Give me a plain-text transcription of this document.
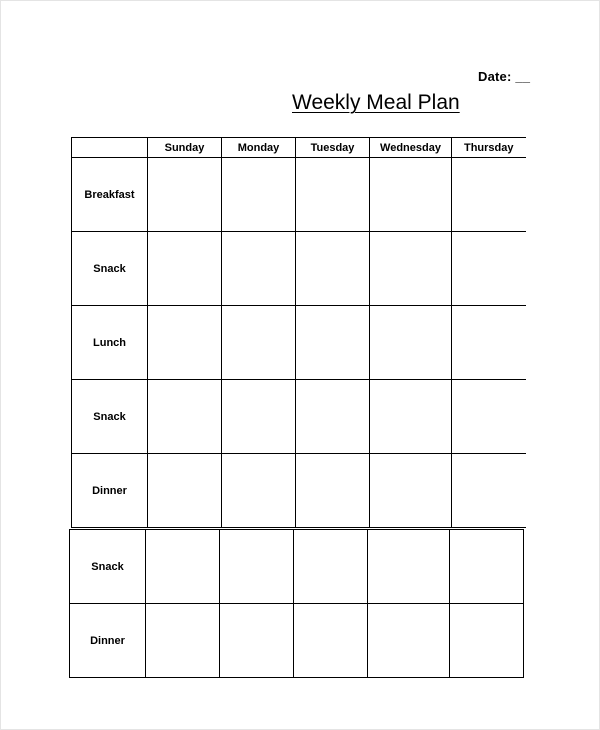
Date: __
Weekly Meal Plan
	Sunday	Monday	Tuesday	Wednesday	Thursday
Breakfast					
Snack					
Lunch					
Snack					
Dinner					
Snack					
Dinner					
